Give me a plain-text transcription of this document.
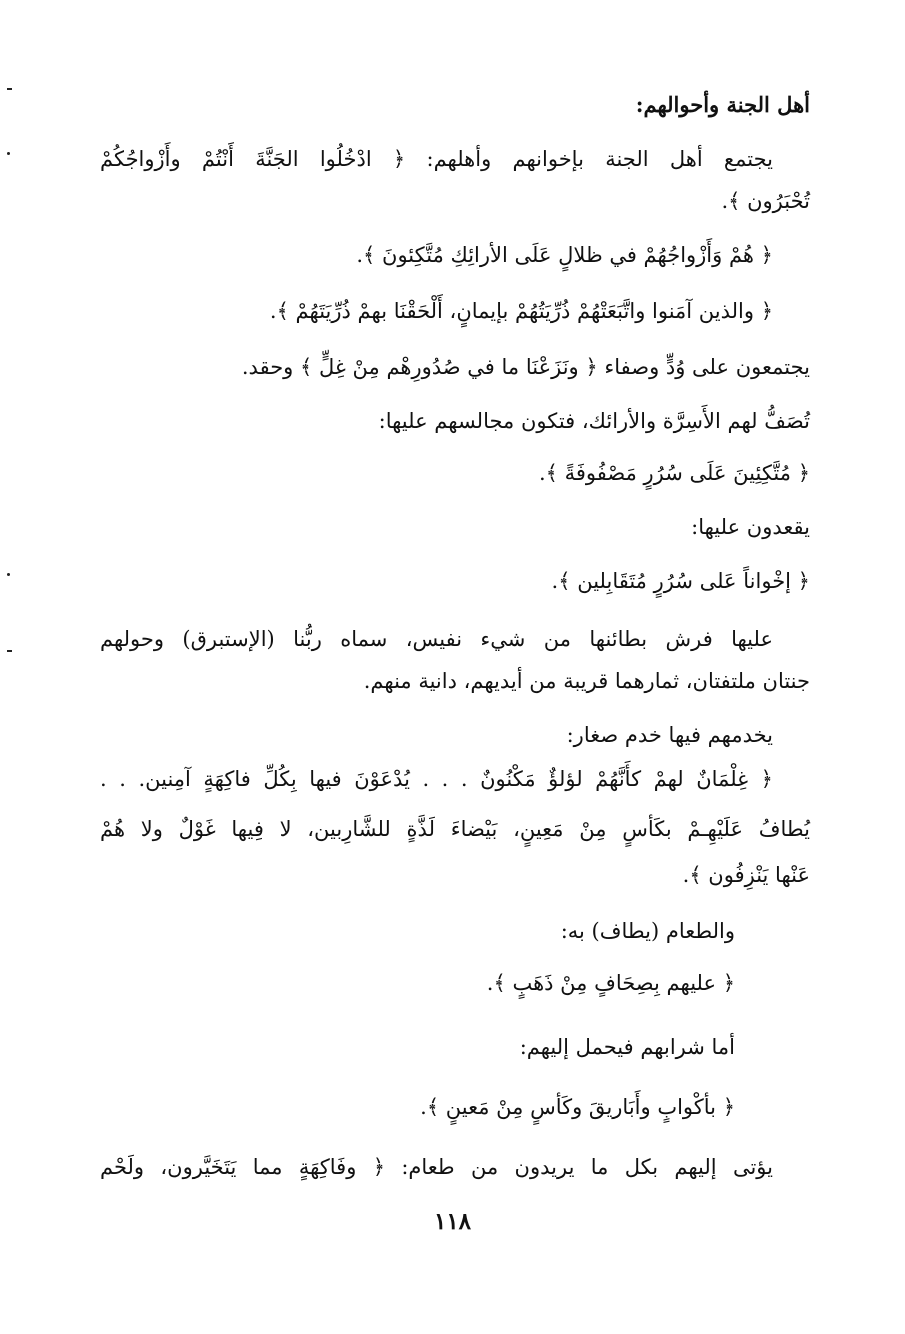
أهل الجنة وأحوالهم:
يجتمع أهل الجنة بإخوانهم وأهلهم: ﴿ ادْخُلُوا الجَنَّةَ أَنْتُمْ وأَزْواجُكُمْ
تُحْبَرُون ﴾.
﴿ هُمْ وَأَزْواجُهُمْ في ظلالٍ عَلَى الأرائِكِ مُتَّكِئونَ ﴾.
﴿ والذين آمَنوا واتَّبَعَتْهُمْ ذُرِّيَتُهُمْ بإيمانٍ، أَلْحَقْنَا بهمْ ذُرِّيَتَهُمْ ﴾.
يجتمعون على وُدٍّ وصفاء ﴿ ونَزَعْنَا ما في صُدُورِهْم مِنْ غِلٍّ ﴾ وحقد.
تُصَفُّ لهم الأَسِرَّة والأرائك، فتكون مجالسهم عليها:
﴿ مُتَّكِئِينَ عَلَى سُرُرٍ مَصْفُوفَةً ﴾.
يقعدون عليها:
﴿ إخْواناً عَلى سُرُرٍ مُتَقَابِلين ﴾.
عليها فرش بطائنها من شيء نفيس، سماه ربُّنا (الإستبرق) وحولهم
جنتان ملتفتان، ثمارهما قريبة من أيديهم، دانية منهم.
يخدمهم فيها خدم صغار:
﴿ غِلْمَانٌ لهمْ كأَنَّهُمْ لؤلؤٌ مَكْنُونٌ . . . يُدْعَوْنَ فيها بِكُلِّ فاكِهَةٍ آمِنين. . .
يُطافُ عَلَيْهِـمْ بكَأسٍ مِنْ مَعِينٍ، بَيْضاءَ لَذَّةٍ للشَّارِبين، لا فِيها غَوْلٌ ولا هُمْ
عَنْها يَنْزِفُون ﴾.
والطعام (يطاف) به:
﴿ عليهم بِصِحَافٍ مِنْ ذَهَبٍ ﴾.
أما شرابهم فيحمل إليهم:
﴿ بأكْوابٍ وأَبَاريقَ وكَأسٍ مِنْ مَعينٍ ﴾.
يؤتى إليهم بكل ما يريدون من طعام: ﴿ وفَاكِهَةٍ مما يَتَخَيَّرون، ولَحْم
١١٨
